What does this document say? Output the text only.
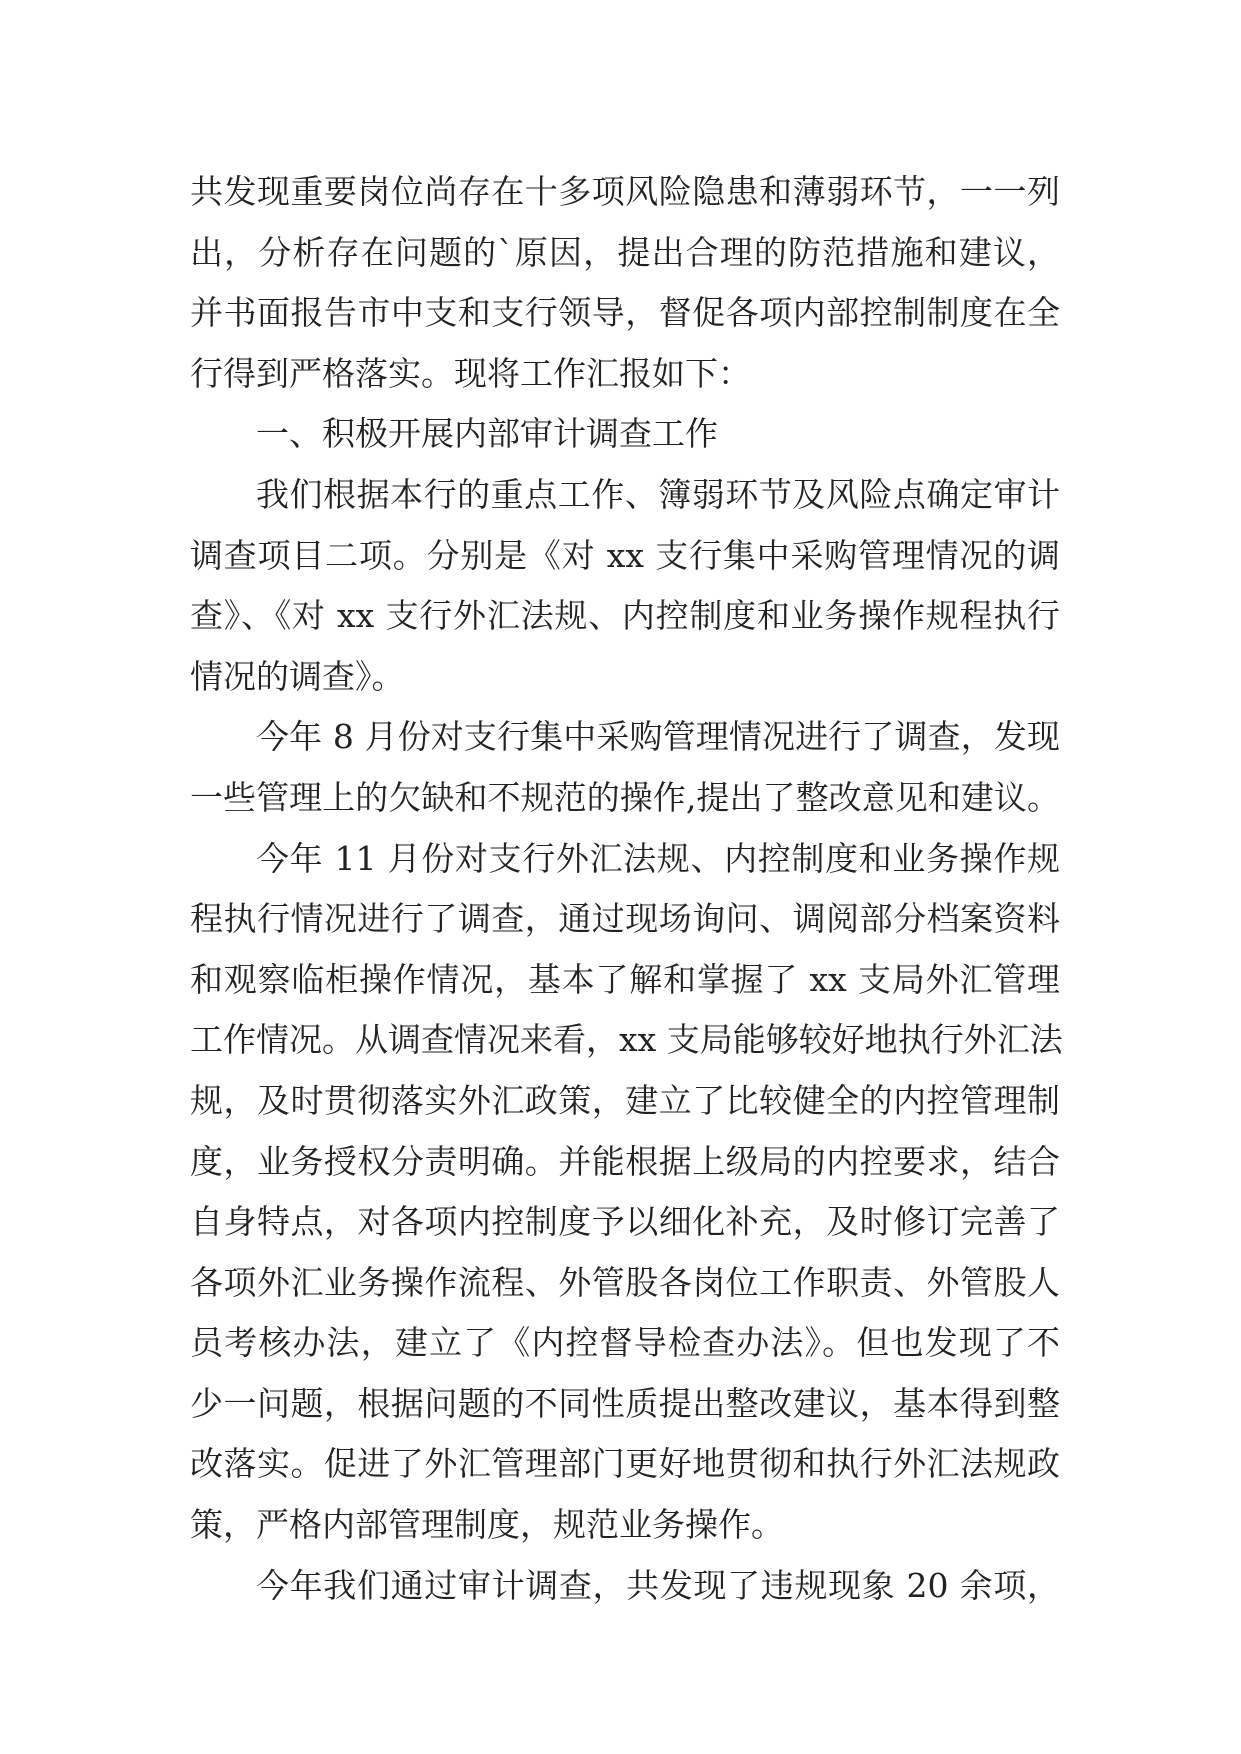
共发现重要岗位尚存在十多项风险隐患和薄弱环节，一一列
出，分析存在问题的`原因，提出合理的防范措施和建议，
并书面报告市中支和支行领导，督促各项内部控制制度在全
行得到严格落实。现将工作汇报如下：
一、积极开展内部审计调查工作
我们根据本行的重点工作、簿弱环节及风险点确定审计
调查项目二项。分别是《对 xx 支行集中采购管理情况的调
查》、《对 xx 支行外汇法规、内控制度和业务操作规程执行
情况的调查》。
今年 8 月份对支行集中采购管理情况进行了调查，发现
一些管理上的欠缺和不规范的操作,提出了整改意见和建议。
今年 11 月份对支行外汇法规、内控制度和业务操作规
程执行情况进行了调查，通过现场询问、调阅部分档案资料
和观察临柜操作情况，基本了解和掌握了 xx 支局外汇管理
工作情况。从调查情况来看，xx 支局能够较好地执行外汇法
规，及时贯彻落实外汇政策，建立了比较健全的内控管理制
度，业务授权分责明确。并能根据上级局的内控要求，结合
自身特点，对各项内控制度予以细化补充，及时修订完善了
各项外汇业务操作流程、外管股各岗位工作职责、外管股人
员考核办法，建立了《内控督导检查办法》。但也发现了不
少一问题，根据问题的不同性质提出整改建议，基本得到整
改落实。促进了外汇管理部门更好地贯彻和执行外汇法规政
策，严格内部管理制度，规范业务操作。
今年我们通过审计调查，共发现了违规现象 20 余项，
